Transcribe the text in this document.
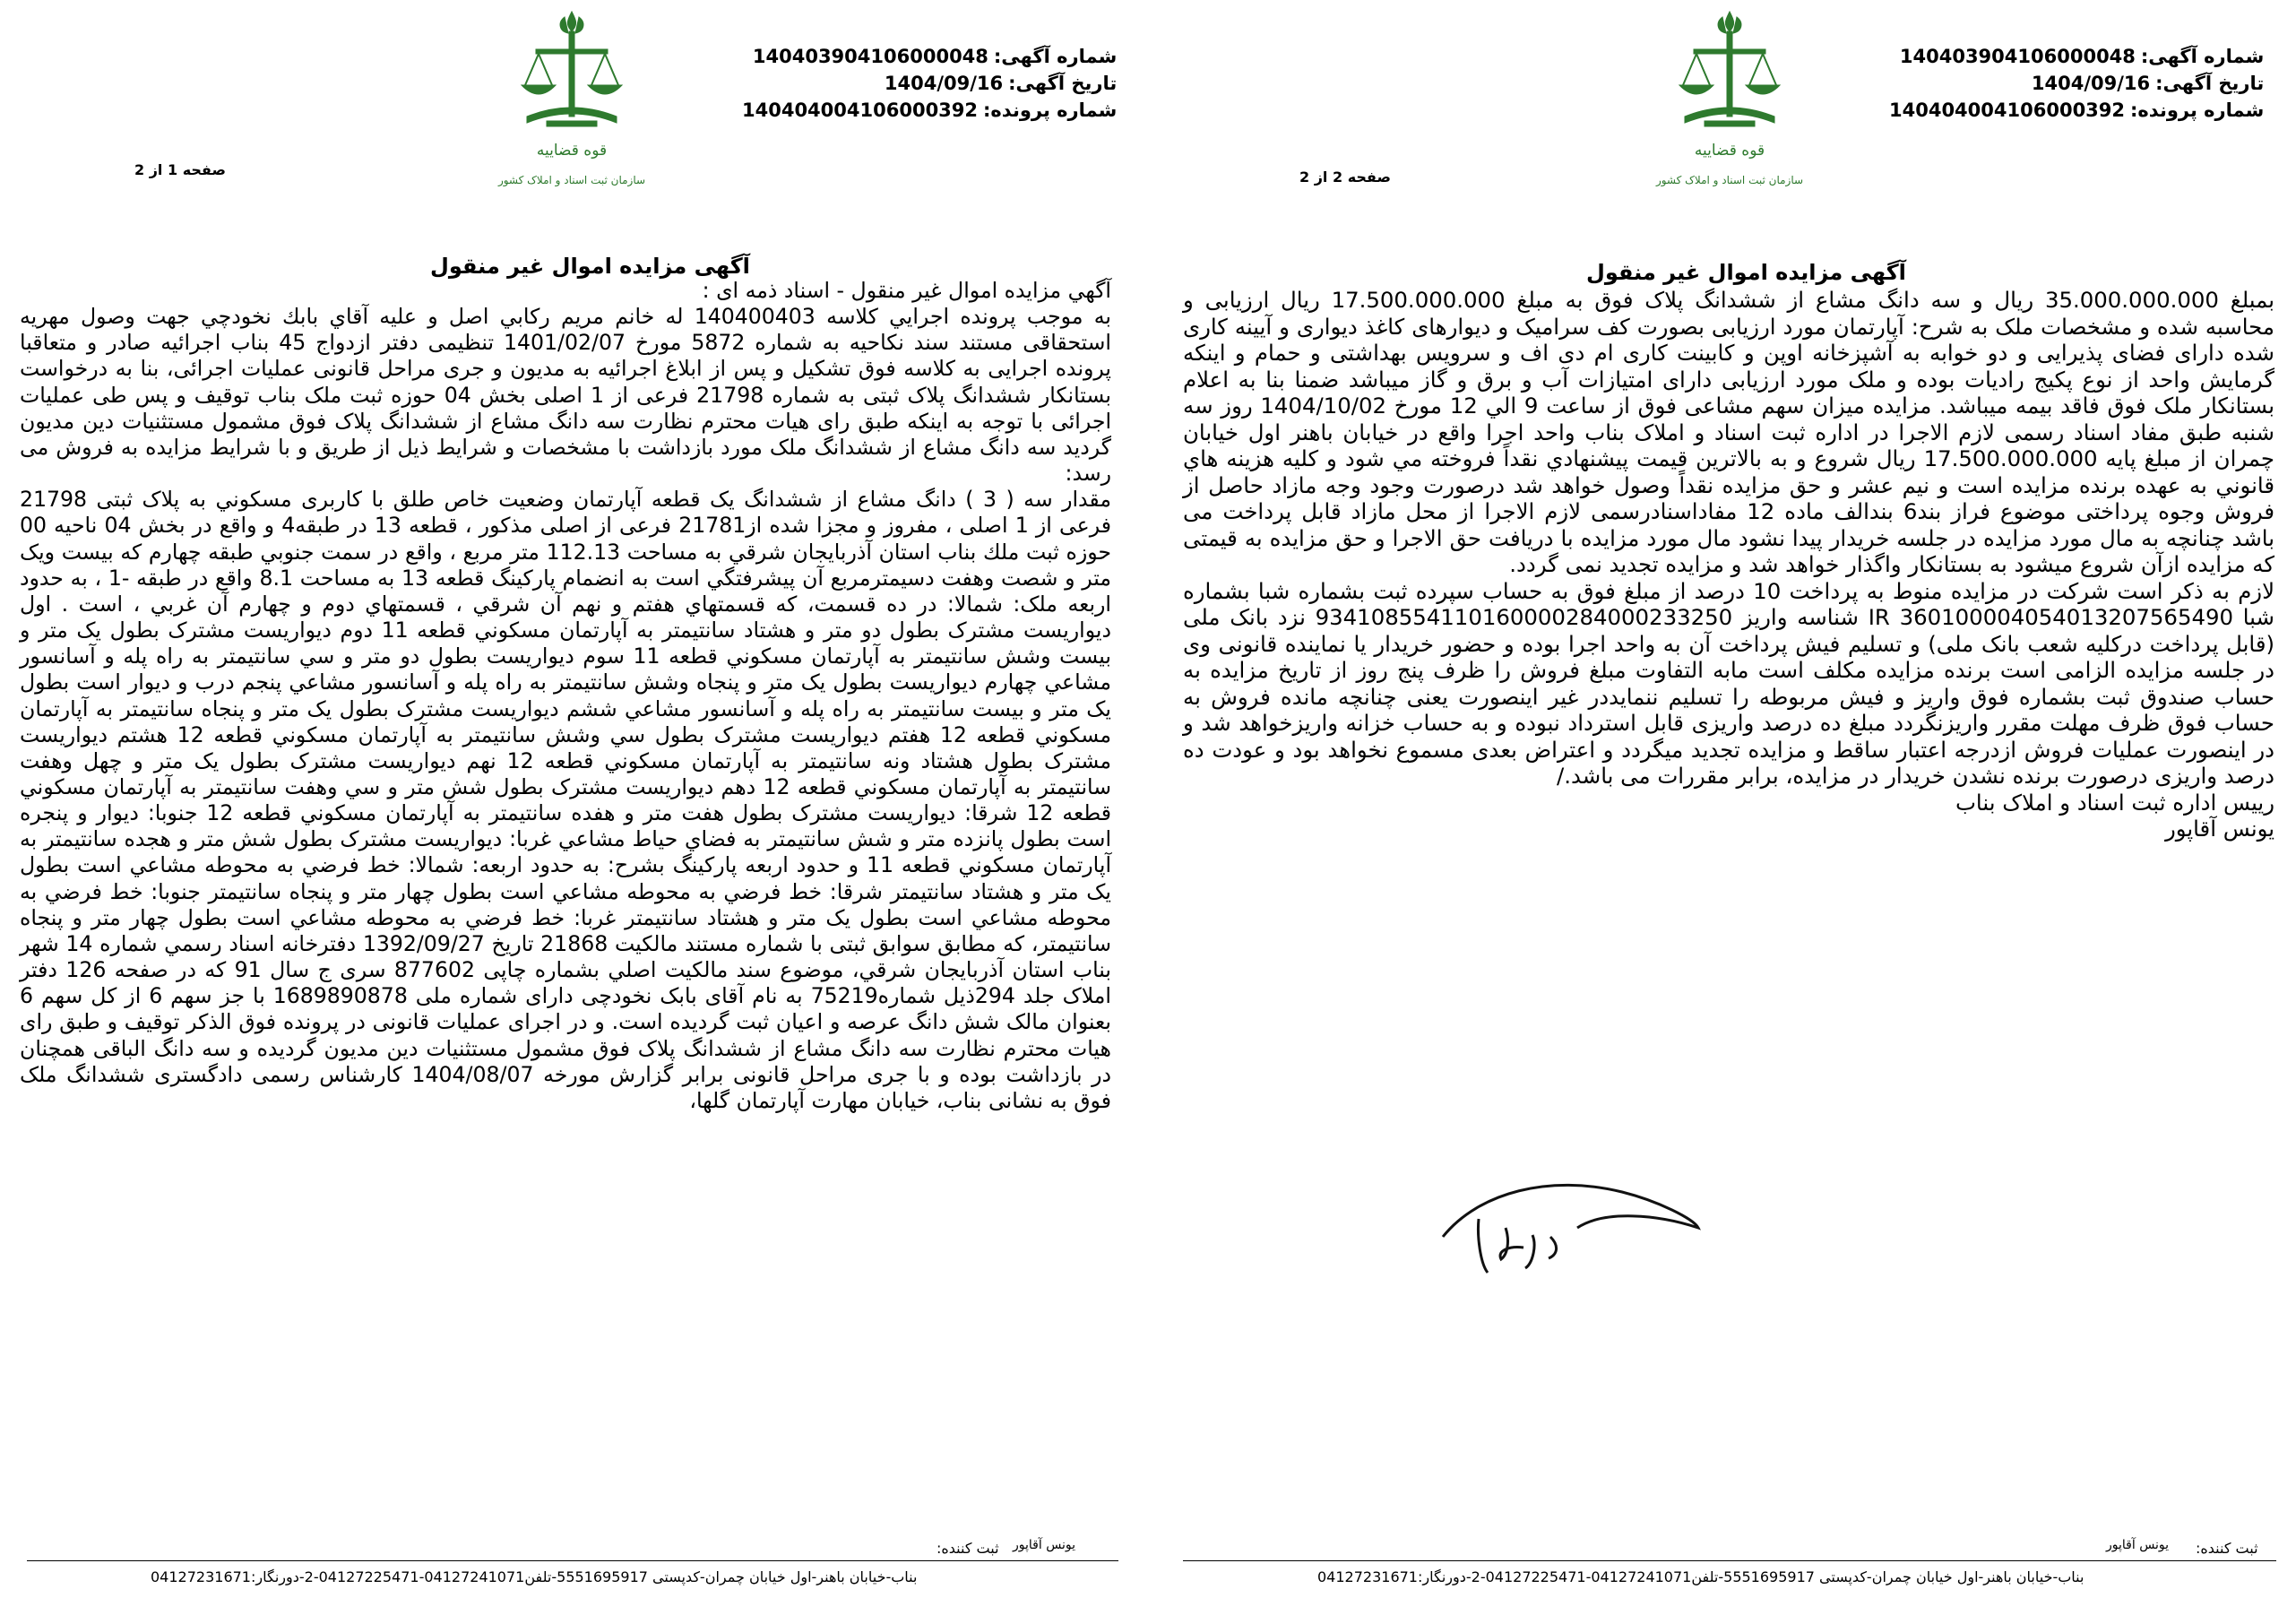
شماره آگهی:140403904106000048
تاریخ آگهی:1404/09/16
شماره پرونده:140404004106000392
قوه قضاییه
سازمان ثبت اسناد و املاک کشور
صفحه 1 از 2
آگهی مزایده اموال غیر منقول

آگهي مزايده اموال غير منقول - اسناد ذمه ای :

به موجب پرونده اجرايي كلاسه 140400403 له خانم مريم ركابي اصل و عليه آقاي بابك نخودچي جهت وصول مهريه استحقاقی مستند سند نكاحيه به شماره 5872 مورخ 1401/02/07 تنظيمی دفتر ازدواج 45 بناب اجرائيه صادر و متعاقبا پرونده اجرايی به كلاسه فوق تشكيل و پس از ابلاغ اجرائيه به مديون و جری مراحل قانونی عمليات اجرائی، بنا به درخواست بستانكار ششدانگ پلاک ثبتی به شماره 21798 فرعی از 1 اصلی بخش 04 حوزه ثبت ملک بناب توقيف و پس طی عمليات اجرائی با توجه به اينكه طبق رای هيات محترم نظارت سه دانگ مشاع از ششدانگ پلاک فوق مشمول مستثنيات دين مديون گرديد سه دانگ مشاع از ششدانگ ملک مورد بازداشت با مشخصات و شرايط ذيل از طريق و با شرايط مزايده به فروش می رسد:

مقدار سه ( 3 ) دانگ مشاع از ششدانگ يک قطعه آپارتمان وضعيت خاص طلق با کاربری مسکوني به پلاک ثبتی 21798 فرعی از 1 اصلی ، مفروز و مجزا شده از21781 فرعی از اصلی مذکور ، قطعه 13 در طبقه4 و واقع در بخش 04 ناحيه 00 حوزه ثبت ملك بناب استان آذربايجان شرقي به مساحت 112.13 متر مربع ، واقع در سمت جنوبي طبقه چهارم كه بيست ويک متر و شصت وهفت دسيمترمربع آن پيشرفتگي است به انضمام پاركينگ قطعه 13 به مساحت 8.1 واقع در طبقه -1 ، به حدود اربعه ملک: شمالا: در ده قسمت، كه قسمتهاي هفتم و نهم آن شرقي ، قسمتهاي دوم و چهارم آن غربي ، است . اول ديواريست مشترک بطول دو متر و هشتاد سانتيمتر به آپارتمان مسكوني قطعه 11 دوم ديواريست مشترک بطول يک متر و بيست وشش سانتيمتر به آپارتمان مسكوني قطعه 11 سوم ديواريست بطول دو متر و سي سانتيمتر به راه پله و آسانسور مشاعي چهارم ديواريست بطول يک متر و پنجاه وشش سانتيمتر به راه پله و آسانسور مشاعي پنجم درب و ديوار است بطول يک متر و بيست سانتيمتر به راه پله و آسانسور مشاعي ششم ديواريست مشترک بطول يک متر و پنجاه سانتيمتر به آپارتمان مسكوني قطعه 12 هفتم ديواريست مشترک بطول سي وشش سانتيمتر به آپارتمان مسكوني قطعه 12 هشتم ديواريست مشترک بطول هشتاد ونه سانتيمتر به آپارتمان مسكوني قطعه 12 نهم ديواريست مشترک بطول يک متر و چهل وهفت سانتيمتر به آپارتمان مسكوني قطعه 12 دهم ديواريست مشترک بطول شش متر و سي وهفت سانتيمتر به آپارتمان مسكوني قطعه 12 شرقا: ديواريست مشترک بطول هفت متر و هفده سانتيمتر به آپارتمان مسكوني قطعه 12 جنوبا: ديوار و پنجره است بطول پانزده متر و شش سانتيمتر به فضاي حياط مشاعي غربا: ديواريست مشترک بطول شش متر و هجده سانتيمتر به آپارتمان مسكوني قطعه 11 و حدود اربعه پاركينگ بشرح: به حدود اربعه: شمالا: خط فرضي به محوطه مشاعي است بطول يک متر و هشتاد سانتيمتر شرقا: خط فرضي به محوطه مشاعي است بطول چهار متر و پنجاه سانتيمتر جنوبا: خط فرضي به محوطه مشاعي است بطول يک متر و هشتاد سانتيمتر غربا: خط فرضي به محوطه مشاعي است بطول چهار متر و پنجاه سانتيمتر، كه مطابق سوابق ثبتی با شماره مستند مالكيت 21868 تاريخ 1392/09/27 دفترخانه اسناد رسمي شماره 14 شهر بناب استان آذربايجان شرقي، موضوع سند مالكيت اصلي بشماره چاپی 877602 سری ج سال 91 كه در صفحه 126 دفتر املاک جلد 294ذیل شماره75219 به نام آقای بابک نخودچی دارای شماره ملی 1689890878 با جز سهم 6 از کل سهم 6 بعنوان مالک شش دانگ عرصه و اعیان ثبت گردیده است. و در اجرای عملیات قانونی در پرونده فوق الذکر توقيف و طبق رای هيات محترم نظارت سه دانگ مشاع از ششدانگ پلاک فوق مشمول مستثنيات دين مديون گرديده و سه دانگ الباقی همچنان در بازداشت بوده و با جری مراحل قانونی برابر گزارش مورخه 1404/08/07 كارشناس رسمی دادگستری ششدانگ ملک فوق به نشانی بناب، خيابان مهارت آپارتمان گلها،

ثبت کننده: یونس آقاپور
بناب-خیابان باهنر-اول خیابان چمران-کدپستی 5551695917-تلفن04127241071-04127225471-2-دورنگار:04127231671
شماره آگهی:140403904106000048
تاریخ آگهی:1404/09/16
شماره پرونده:140404004106000392
قوه قضاییه
سازمان ثبت اسناد و املاک کشور
صفحه 2 از 2
آگهی مزایده اموال غیر منقول

بمبلغ 35.000.000.000 ريال و سه دانگ مشاع از ششدانگ پلاک فوق به مبلغ 17.500.000.000 ريال ارزيابی و محاسبه شده و مشخصات ملک به شرح: آپارتمان مورد ارزيابی بصورت كف سراميک و ديوارهای كاغذ ديواری و آيينه كاری شده دارای فضای پذيرايی و دو خوابه به آشپزخانه اوپن و كابينت كاری ام دی اف و سرويس بهداشتی و حمام و اينكه گرمايش واحد از نوع پكيج راديات بوده و ملک مورد ارزيابی دارای امتيازات آب و برق و گاز ميباشد ضمنا بنا به اعلام بستانكار ملک فوق فاقد بيمه ميباشد. مزايده ميزان سهم مشاعی فوق از ساعت 9 الي 12 مورخ 1404/10/02 روز سه شنبه طبق مفاد اسناد رسمی لازم الاجرا در اداره ثبت اسناد و املاک بناب واحد اجرا واقع در خيابان باهنر اول خيابان چمران از مبلغ پايه 17.500.000.000 ريال شروع و به بالاترين قيمت پيشنهادي نقداً فروخته مي شود و كليه هزينه هاي قانوني به عهده برنده مزايده است و نيم عشر و حق مزايده نقداً وصول خواهد شد درصورت وجود وجه مازاد حاصل از فروش وجوه پرداختی موضوع فراز بند6 بندالف ماده 12 مفاداسنادرسمی لازم الاجرا از محل مازاد قابل پرداخت می باشد چنانچه به مال مورد مزايده در جلسه خريدار پيدا نشود مال مورد مزايده با دريافت حق الاجرا و حق مزايده به قيمتی كه مزايده ازآن شروع ميشود به بستانكار واگذار خواهد شد و مزايده تجديد نمی گردد.

لازم به ذكر است شركت در مزايده منوط به پرداخت 10 درصد از مبلغ فوق به حساب سپرده ثبت بشماره شبا بشماره شبا IR 360100004054013207565490 شناسه واريز 934108554110160000284000233250 نزد بانک ملی (قابل پرداخت دركليه شعب بانک ملی) و تسليم فيش پرداخت آن به واحد اجرا بوده و حضور خريدار يا نماينده قانونی وی در جلسه مزايده الزامی است برنده مزايده مكلف است مابه التفاوت مبلغ فروش را ظرف پنج روز از تاريخ مزايده به حساب صندوق ثبت بشماره فوق واريز و فيش مربوطه را تسليم ننمايددر غير اينصورت يعنی چنانچه مانده فروش به حساب فوق ظرف مهلت مقرر واريزنگردد مبلغ ده درصد واريزی قابل استرداد نبوده و به حساب خزانه واريزخواهد شد و در اينصورت عمليات فروش ازدرجه اعتبار ساقط و مزايده تجديد ميگردد و اعتراض بعدی مسموع نخواهد بود و عودت ده درصد واريزی درصورت برنده نشدن خريدار در مزايده، برابر مقررات می باشد./

رييس اداره ثبت اسناد و املاک بناب

يونس آقاپور

ثبت کننده:
یونس آقاپور
بناب-خیابان باهنر-اول خیابان چمران-کدپستی 5551695917-تلفن04127241071-04127225471-2-دورنگار:04127231671
